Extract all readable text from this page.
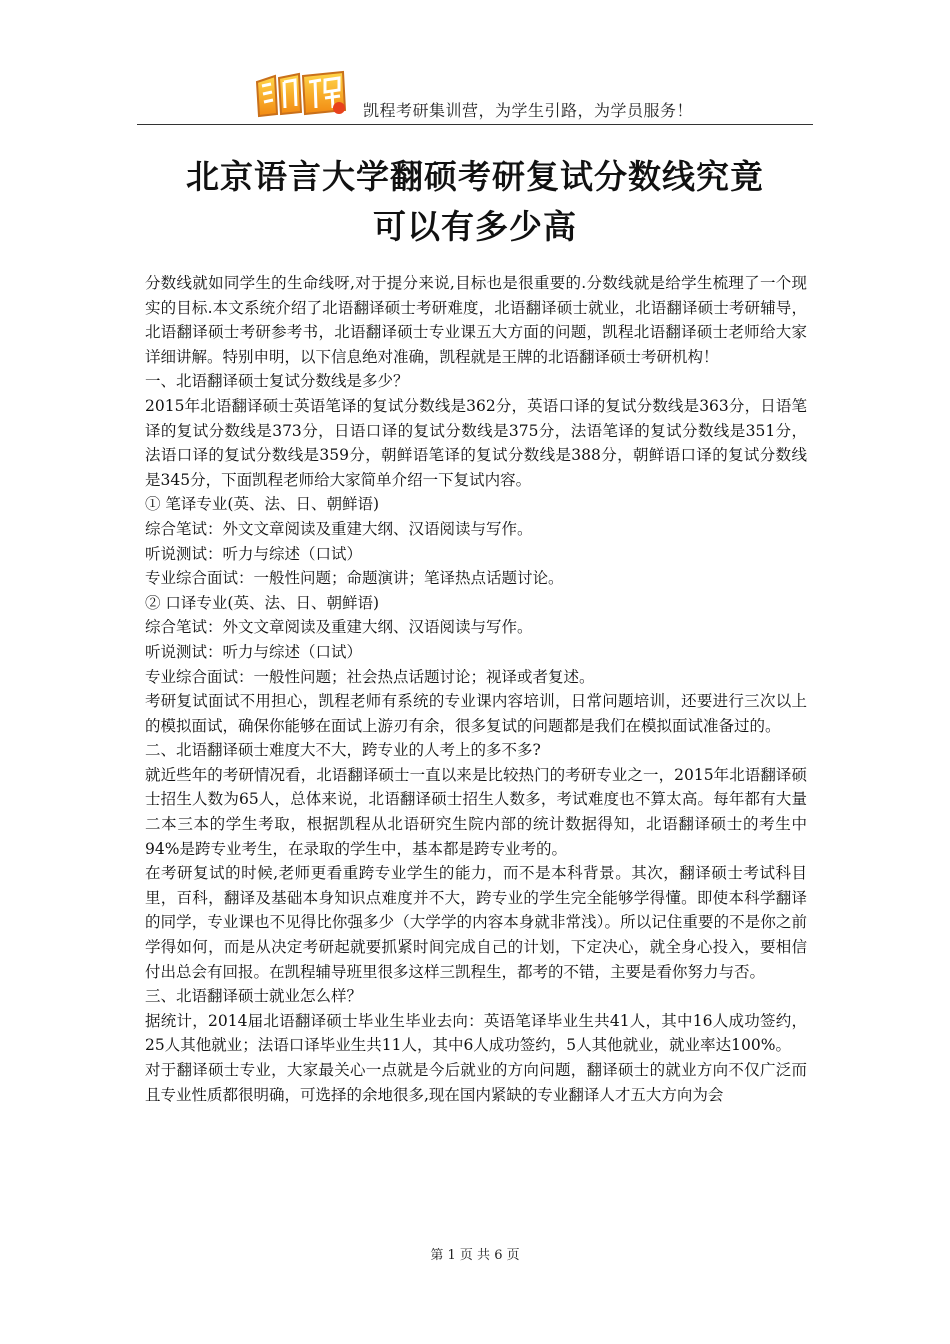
凯程考研集训营，为学生引路，为学员服务！
北京语言大学翻硕考研复试分数线究竟
可以有多少高

分数线就如同学生的生命线呀,对于提分来说,目标也是很重要的.分数线就是给学生梳理了一个现实的目标.本文系统介绍了北语翻译硕士考研难度，北语翻译硕士就业，北语翻译硕士考研辅导，北语翻译硕士考研参考书，北语翻译硕士专业课五大方面的问题，凯程北语翻译硕士老师给大家详细讲解。特别申明，以下信息绝对准确，凯程就是王牌的北语翻译硕士考研机构！

一、北语翻译硕士复试分数线是多少？

2015年北语翻译硕士英语笔译的复试分数线是362分，英语口译的复试分数线是363分，日语笔译的复试分数线是373分，日语口译的复试分数线是375分，法语笔译的复试分数线是351分，法语口译的复试分数线是359分，朝鲜语笔译的复试分数线是388分，朝鲜语口译的复试分数线是345分，下面凯程老师给大家简单介绍一下复试内容。

① 笔译专业(英、法、日、朝鲜语)

综合笔试：外文文章阅读及重建大纲、汉语阅读与写作。

听说测试：听力与综述（口试）

专业综合面试：一般性问题；命题演讲；笔译热点话题讨论。

② 口译专业(英、法、日、朝鲜语)

综合笔试：外文文章阅读及重建大纲、汉语阅读与写作。

听说测试：听力与综述（口试）

专业综合面试：一般性问题；社会热点话题讨论；视译或者复述。

考研复试面试不用担心，凯程老师有系统的专业课内容培训，日常问题培训，还要进行三次以上的模拟面试，确保你能够在面试上游刃有余，很多复试的问题都是我们在模拟面试准备过的。

二、北语翻译硕士难度大不大，跨专业的人考上的多不多?

就近些年的考研情况看，北语翻译硕士一直以来是比较热门的考研专业之一，2015年北语翻译硕士招生人数为65人，总体来说，北语翻译硕士招生人数多，考试难度也不算太高。每年都有大量二本三本的学生考取，根据凯程从北语研究生院内部的统计数据得知，北语翻译硕士的考生中94%是跨专业考生，在录取的学生中，基本都是跨专业考的。

在考研复试的时候,老师更看重跨专业学生的能力，而不是本科背景。其次，翻译硕士考试科目里，百科，翻译及基础本身知识点难度并不大，跨专业的学生完全能够学得懂。即使本科学翻译的同学，专业课也不见得比你强多少（大学学的内容本身就非常浅）。所以记住重要的不是你之前学得如何，而是从决定考研起就要抓紧时间完成自己的计划，下定决心，就全身心投入，要相信付出总会有回报。在凯程辅导班里很多这样三凯程生，都考的不错，主要是看你努力与否。

三、北语翻译硕士就业怎么样？

据统计，2014届北语翻译硕士毕业生毕业去向：英语笔译毕业生共41人，其中16人成功签约，25人其他就业；法语口译毕业生共11人，其中6人成功签约，5人其他就业，就业率达100%。

对于翻译硕士专业，大家最关心一点就是今后就业的方向问题，翻译硕士的就业方向不仅广泛而且专业性质都很明确，可选择的余地很多,现在国内紧缺的专业翻译人才五大方向为会

第 1 页 共 6 页
